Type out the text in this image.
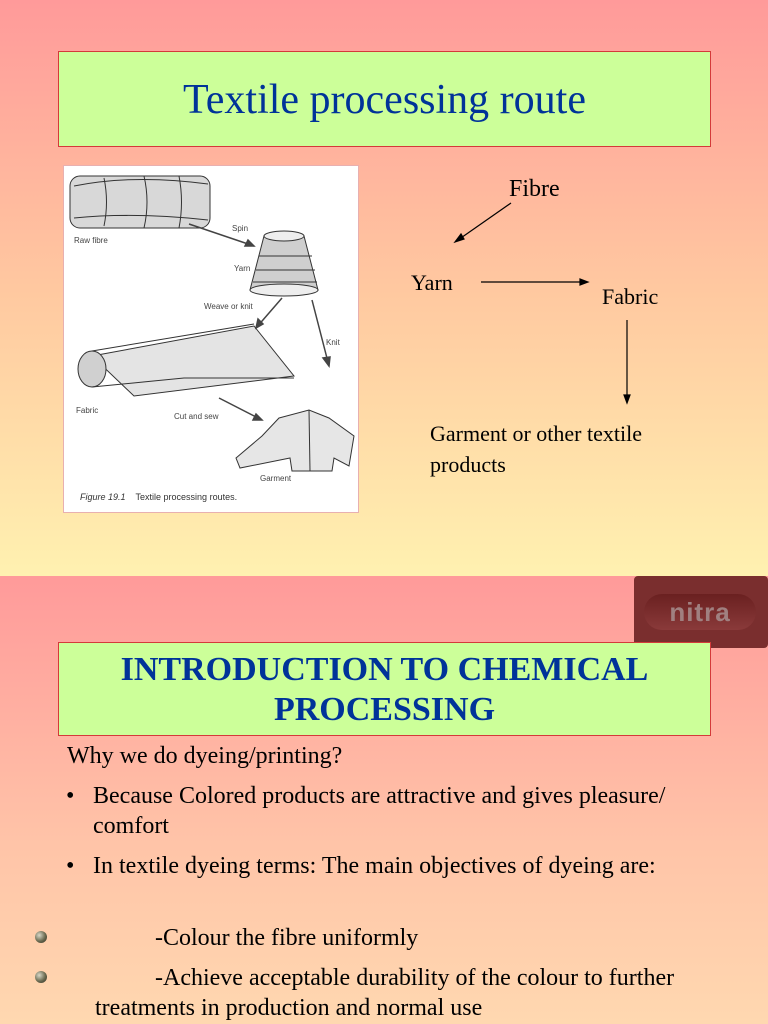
Textile processing route
Raw fibre
Spin
Yarn
Weave or knit
Knit
Fabric
Cut and sew
Garment
Figure 19.1 Textile processing routes.
Fibre
Yarn
Fabric
Garment or other textile products
nitra
INTRODUCTION TO CHEMICAL PROCESSING
Why we do dyeing/printing?
• Because Colored products are attractive and gives pleasure/ comfort
• In textile dyeing terms: The main objectives of dyeing are:
-Colour the fibre uniformly
-Achieve acceptable durability of the colour to further treatments in production and normal use
